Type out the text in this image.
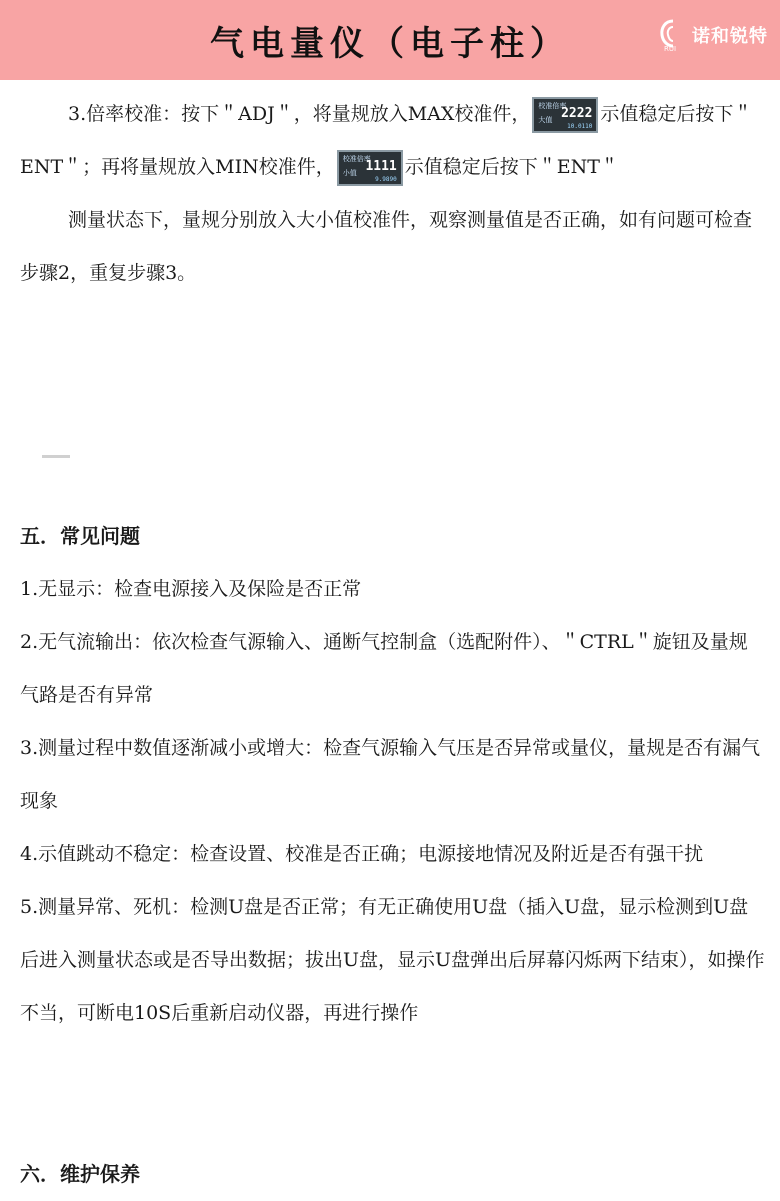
气电量仪（电子柱）	RUI
诺和锐特

3.倍率校准：按下＂ADJ＂，将量规放入MAX校准件， 校准倍率
大值 2222
10.0110
示值稳定后按下＂ENT＂；再将量规放入MIN校准件， 校准倍率
小值 1111
9.9890
示值稳定后按下＂ENT＂

测量状态下，量规分别放入大小值校准件，观察测量值是否正确，如有问题可检查步骤2，重复步骤3。

五．常见问题

1.无显示：检查电源接入及保险是否正常

2.无气流输出：依次检查气源输入、通断气控制盒（选配附件）、＂CTRL＂旋钮及量规气路是否有异常

3.测量过程中数值逐渐减小或增大：检查气源输入气压是否异常或量仪，量规是否有漏气现象

4.示值跳动不稳定：检查设置、校准是否正确；电源接地情况及附近是否有强干扰

5.测量异常、死机：检测U盘是否正常；有无正确使用U盘（插入U盘，显示检测到U盘后进入测量状态或是否导出数据；拔出U盘，显示U盘弹出后屏幕闪烁两下结束），如操作不当，可断电10S后重新启动仪器，再进行操作

六．维护保养
